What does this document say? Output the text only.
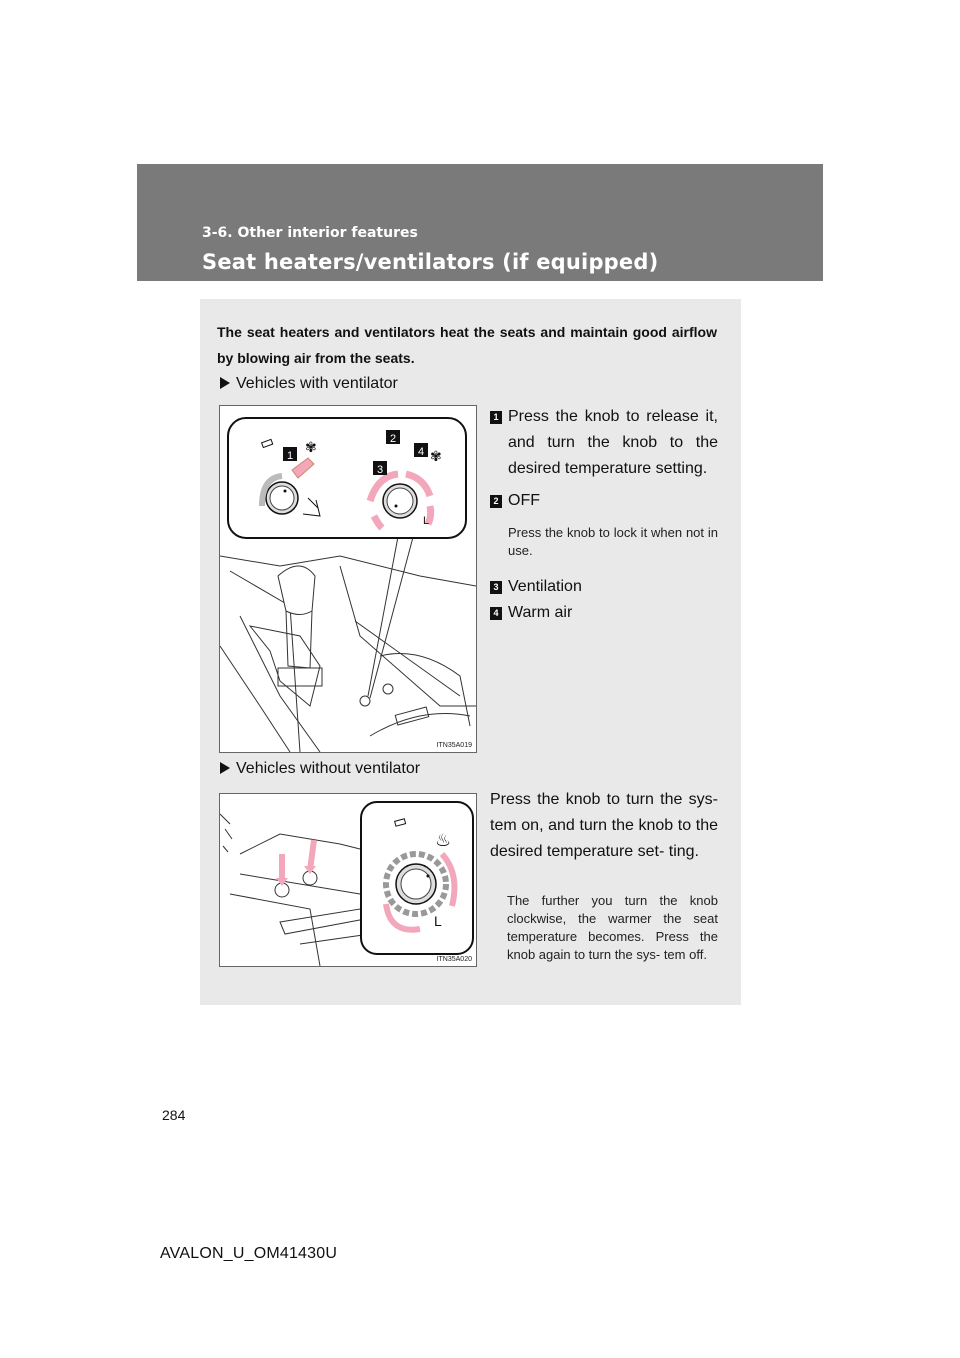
3-6. Other interior features
Seat heaters/ventilators (if equipped)
The seat heaters and ventilators heat the seats and maintain good airflow by blowing air from the seats.
Vehicles with ventilator
✾
1
3
2
4 ✾
L
ITN35A019
1 Press the knob to release it, and turn the knob to the desired temperature setting.
2 OFF
Press the knob to lock it when not in use.
3 Ventilation
4 Warm air
Vehicles without ventilator
♨
L
ITN35A020
Press the knob to turn the sys- tem on, and turn the knob to the desired temperature set- ting.
The further you turn the knob clockwise, the warmer the seat temperature becomes. Press the knob again to turn the sys- tem off.
284
AVALON_U_OM41430U
